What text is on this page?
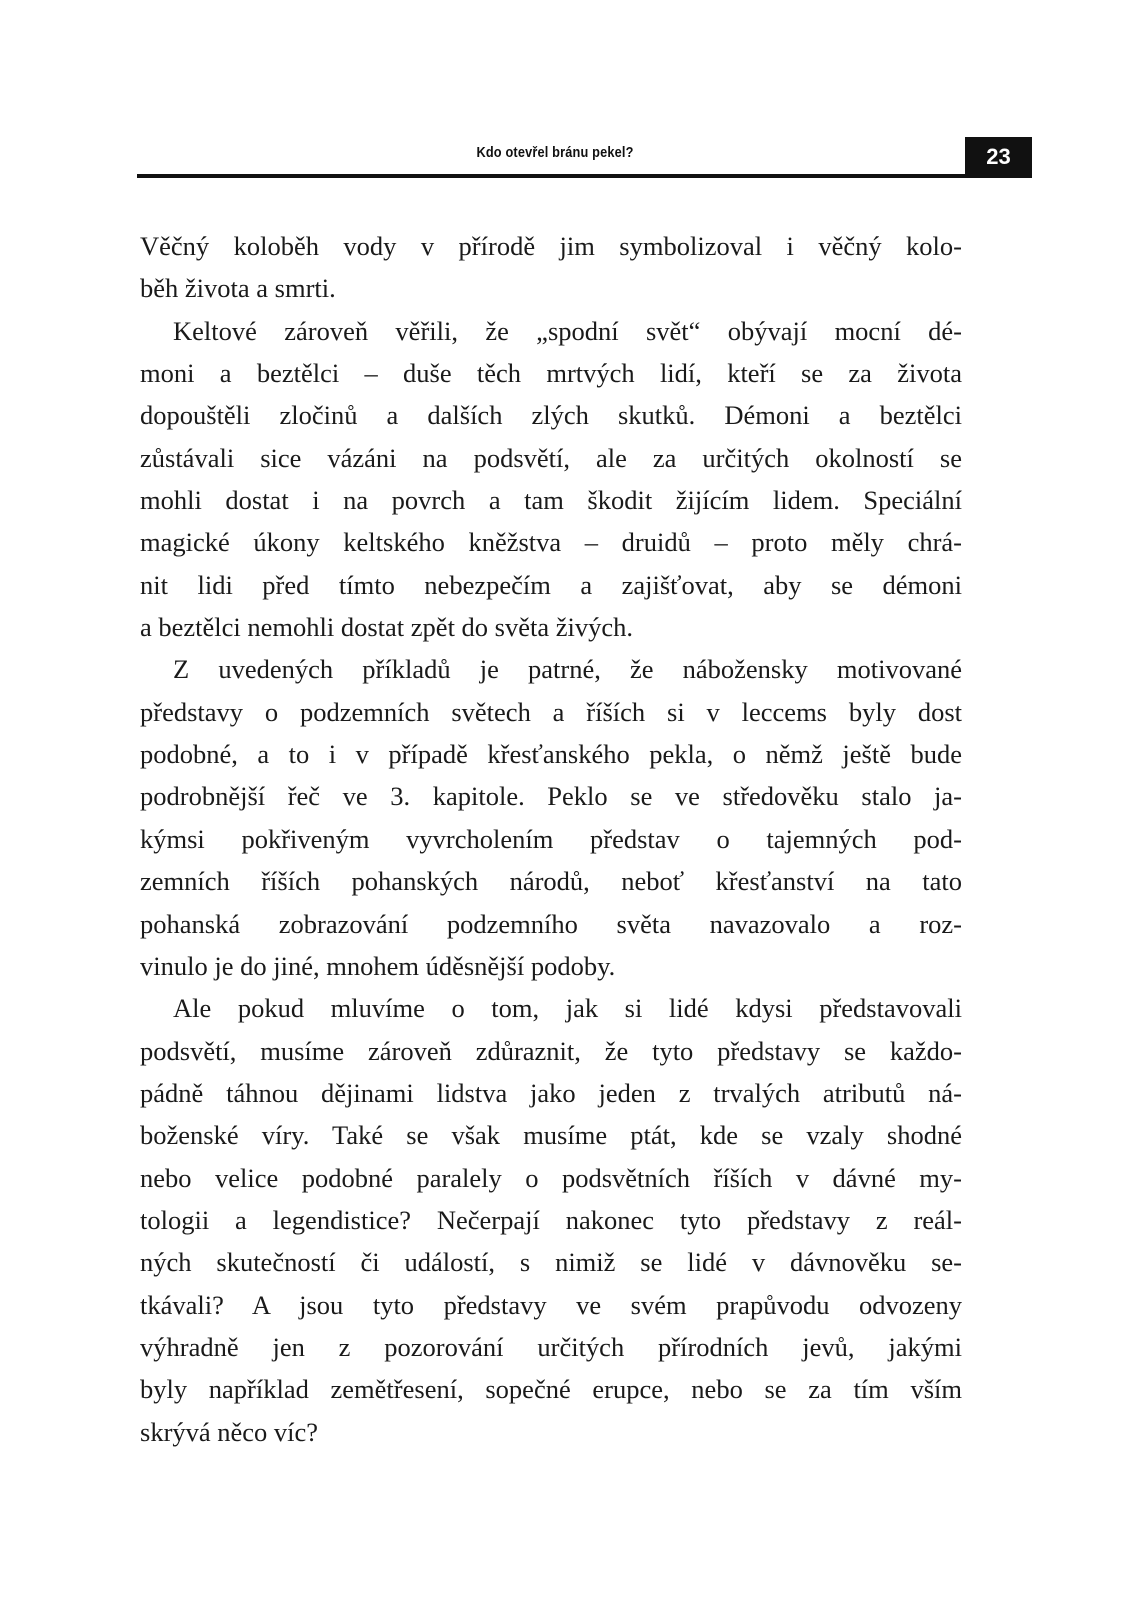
Kdo otevřel bránu pekel?	23
Věčný koloběh vody v přírodě jim symbolizoval i věčný kolo-
běh života a smrti.
Keltové zároveň věřili, že „spodní svět“ obývají mocní dé-
moni a beztělci – duše těch mrtvých lidí, kteří se za života
dopouštěli zločinů a dalších zlých skutků. Démoni a beztělci
zůstávali sice vázáni na podsvětí, ale za určitých okolností se
mohli dostat i na povrch a tam škodit žijícím lidem. Speciální
magické úkony keltského kněžstva – druidů – proto měly chrá-
nit lidi před tímto nebezpečím a zajišťovat, aby se démoni
a beztělci nemohli dostat zpět do světa živých.
Z uvedených příkladů je patrné, že nábožensky motivované
představy o podzemních světech a říších si v leccems byly dost
podobné, a to i v případě křesťanského pekla, o němž ještě bude
podrobnější řeč ve 3. kapitole. Peklo se ve středověku stalo ja-
kýmsi pokřiveným vyvrcholením představ o tajemných pod-
zemních říších pohanských národů, neboť křesťanství na tato
pohanská zobrazování podzemního světa navazovalo a roz-
vinulo je do jiné, mnohem úděsnější podoby.
Ale pokud mluvíme o tom, jak si lidé kdysi představovali
podsvětí, musíme zároveň zdůraznit, že tyto představy se každo-
pádně táhnou dějinami lidstva jako jeden z trvalých atributů ná-
boženské víry. Také se však musíme ptát, kde se vzaly shodné
nebo velice podobné paralely o podsvětních říších v dávné my-
tologii a legendistice? Nečerpají nakonec tyto představy z reál-
ných skutečností či událostí, s nimiž se lidé v dávnověku se-
tkávali? A jsou tyto představy ve svém prapůvodu odvozeny
výhradně jen z pozorování určitých přírodních jevů, jakými
byly například zemětřesení, sopečné erupce, nebo se za tím vším
skrývá něco víc?
